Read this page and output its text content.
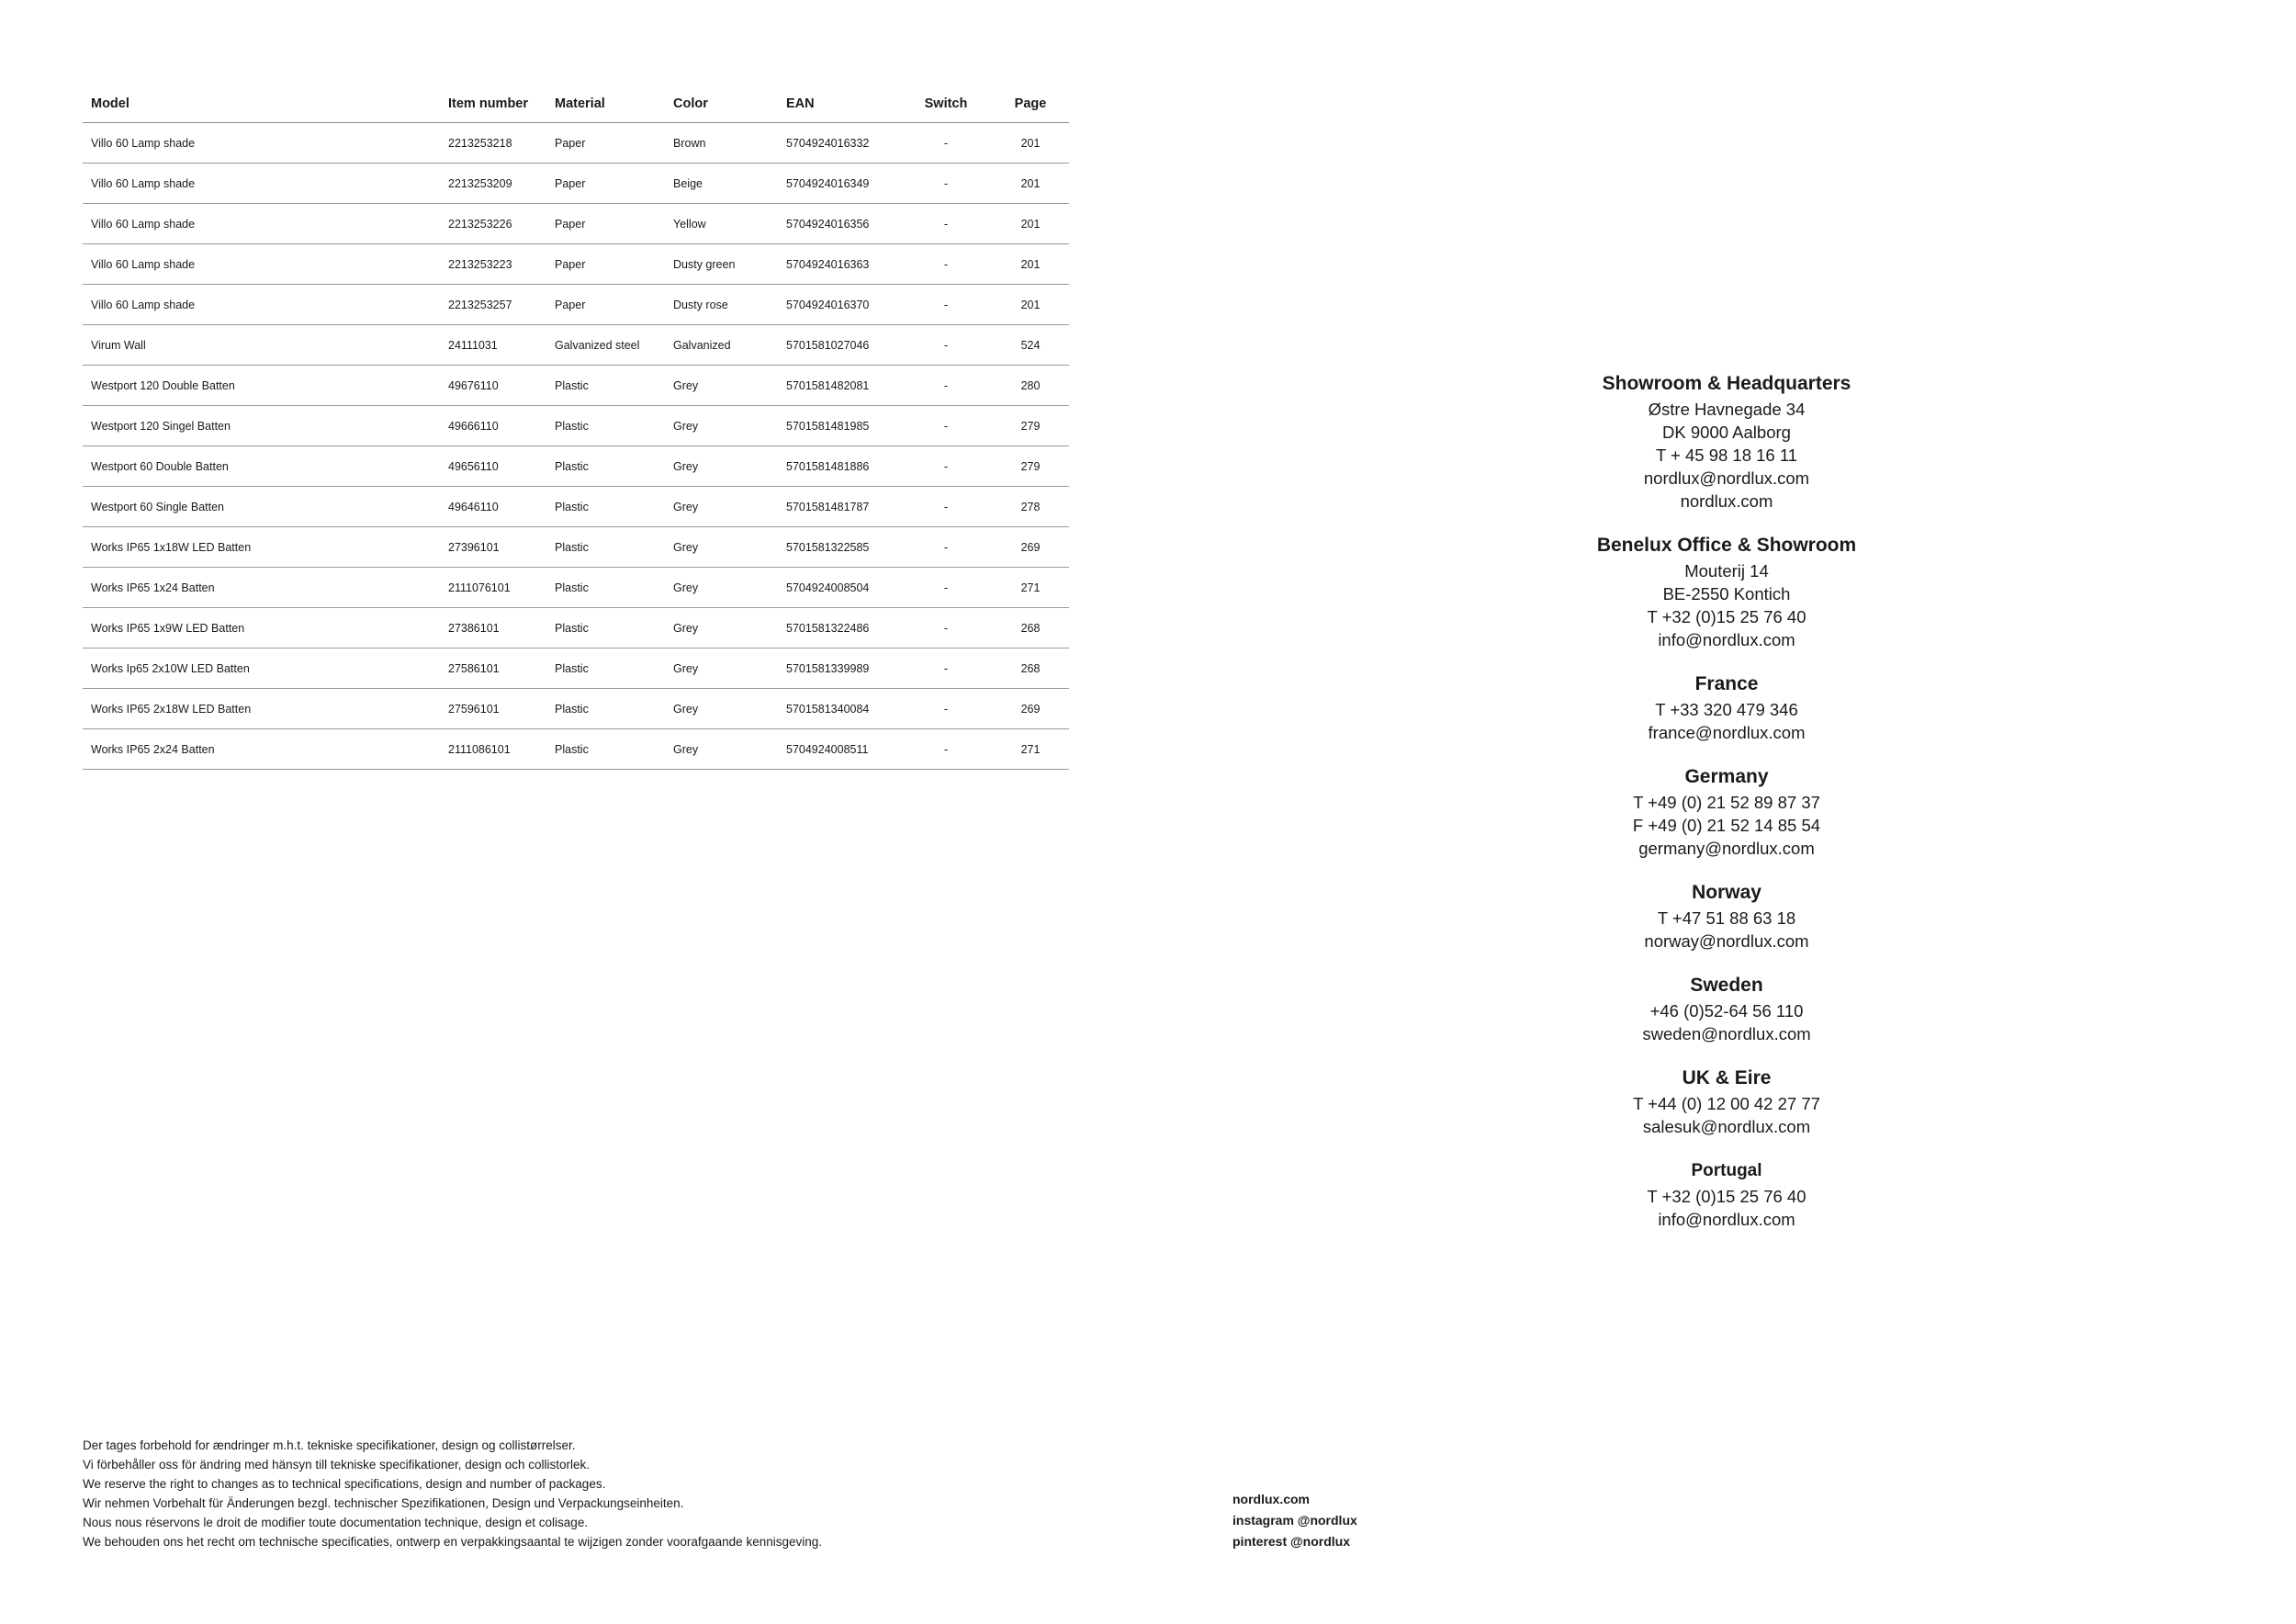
Model	Item number	Material	Color	EAN	Switch	Page
Villo 60 Lamp shade	2213253218	Paper	Brown	5704924016332	-	201
Villo 60 Lamp shade	2213253209	Paper	Beige	5704924016349	-	201
Villo 60 Lamp shade	2213253226	Paper	Yellow	5704924016356	-	201
Villo 60 Lamp shade	2213253223	Paper	Dusty green	5704924016363	-	201
Villo 60 Lamp shade	2213253257	Paper	Dusty rose	5704924016370	-	201
Virum Wall	24111031	Galvanized steel	Galvanized	5701581027046	-	524
Westport 120 Double Batten	49676110	Plastic	Grey	5701581482081	-	280
Westport 120 Singel Batten	49666110	Plastic	Grey	5701581481985	-	279
Westport 60 Double Batten	49656110	Plastic	Grey	5701581481886	-	279
Westport 60 Single Batten	49646110	Plastic	Grey	5701581481787	-	278
Works IP65 1x18W LED Batten	27396101	Plastic	Grey	5701581322585	-	269
Works IP65 1x24 Batten	2111076101	Plastic	Grey	5704924008504	-	271
Works IP65 1x9W LED Batten	27386101	Plastic	Grey	5701581322486	-	268
Works Ip65 2x10W LED Batten	27586101	Plastic	Grey	5701581339989	-	268
Works IP65 2x18W LED Batten	27596101	Plastic	Grey	5701581340084	-	269
Works IP65 2x24 Batten	2111086101	Plastic	Grey	5704924008511	-	271
Showroom & Headquarters
Østre Havnegade 34
DK 9000 Aalborg
T + 45 98 18 16 11
nordlux@nordlux.com
nordlux.com
Benelux Office & Showroom
Mouterij 14
BE-2550 Kontich
T +32 (0)15 25 76 40
info@nordlux.com
France
T +33 320 479 346
france@nordlux.com
Germany
T +49 (0) 21 52 89 87 37
F +49 (0) 21 52 14 85 54
germany@nordlux.com
Norway
T +47 51 88 63 18
norway@nordlux.com
Sweden
+46 (0)52-64 56 110
sweden@nordlux.com
UK & Eire
T +44 (0) 12 00 42 27 77
salesuk@nordlux.com
Portugal
T +32 (0)15 25 76 40
info@nordlux.com
Der tages forbehold for ændringer m.h.t. tekniske specifikationer, design og collistørrelser.
Vi förbehåller oss för ändring med hänsyn till tekniske specifikationer, design och collistorlek.
We reserve the right to changes as to technical specifications, design and number of packages.
Wir nehmen Vorbehalt für Änderungen bezgl. technischer Spezifikationen, Design und Verpackungseinheiten.
Nous nous réservons le droit de modifier toute documentation technique, design et colisage.
We behouden ons het recht om technische specificaties, ontwerp en verpakkingsaantal te wijzigen zonder voorafgaande kennisgeving.
nordlux.com
instagram @nordlux
pinterest @nordlux
